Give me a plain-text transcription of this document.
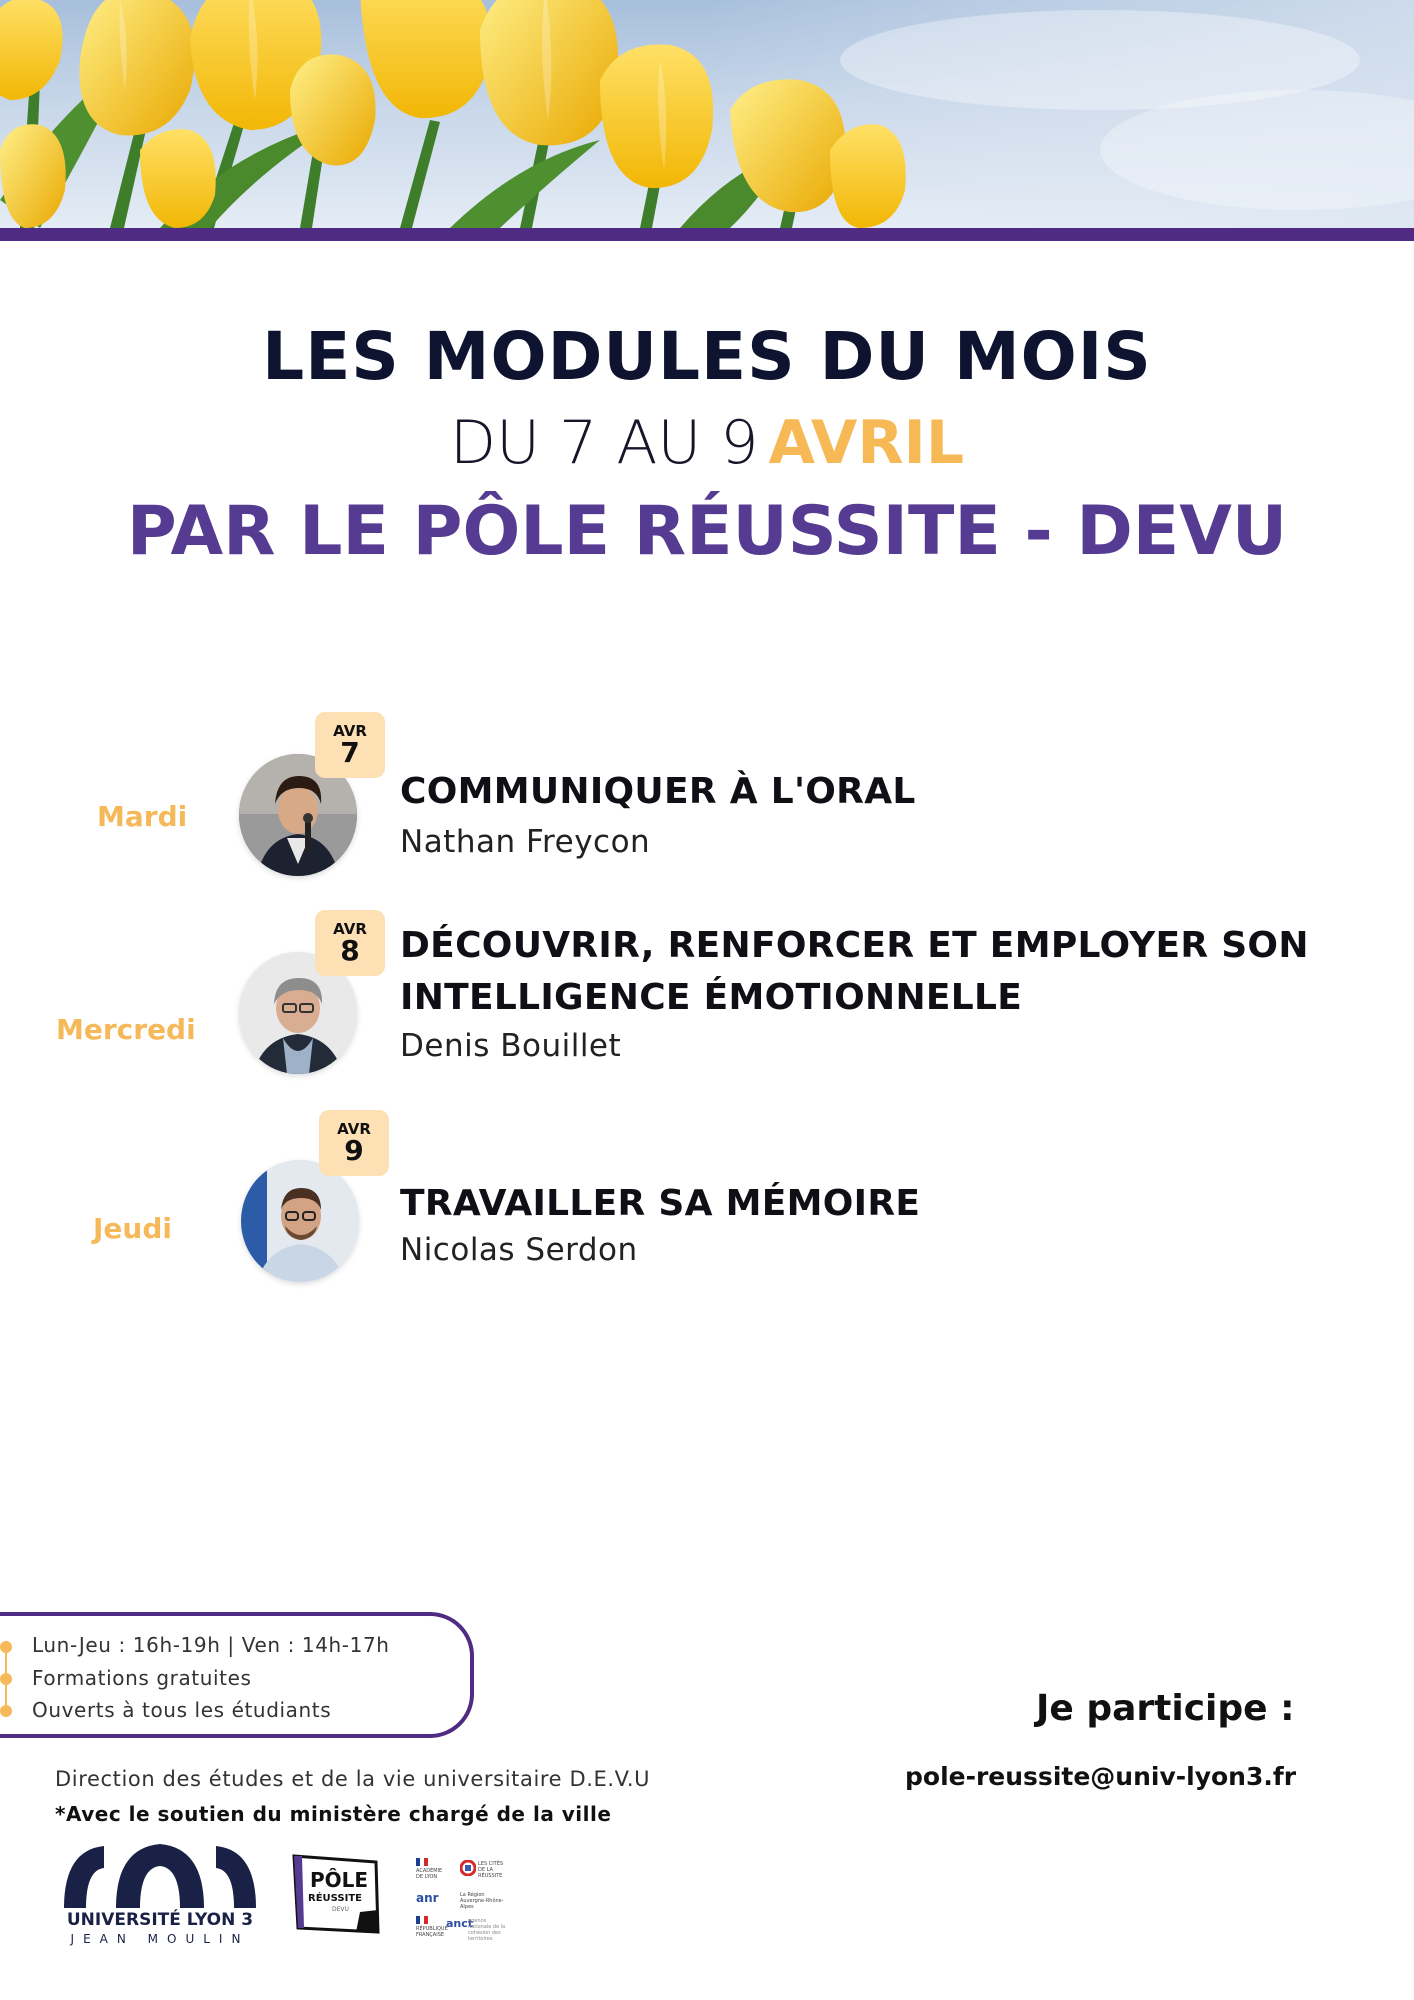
LES MODULES DU MOIS
DU 7 AU 9 AVRIL
PAR LE PÔLE RÉUSSITE - DEVU
Mardi
AVR
7
COMMUNIQUER À L'ORAL
Nathan Freycon
Mercredi
AVR
8	DÉCOUVRIR, RENFORCER ET EMPLOYER SON
INTELLIGENCE ÉMOTIONNELLE
Denis Bouillet
Jeudi
AVR
9
TRAVAILLER SA MÉMOIRE
Nicolas Serdon
Lun-Jeu : 16h-19h | Ven : 14h-17h
Formations gratuites
Ouverts à tous les étudiants	Je participe :
pole-reussite@univ-lyon3.fr
Direction des études et de la vie universitaire D.E.V.U
*Avec le soutien du ministère chargé de la ville
UNIVERSITÉ LYON 3
JEAN MOULIN
PÔLE
RÉUSSITE
DEVU
ACADÉMIE DE LYON
LES CITÉS DE LA RÉUSSITE
anr	La Région Auvergne-Rhône-Alpes
RÉPUBLIQUE FRANÇAISE
anct
agence nationale de la cohésion des territoires
